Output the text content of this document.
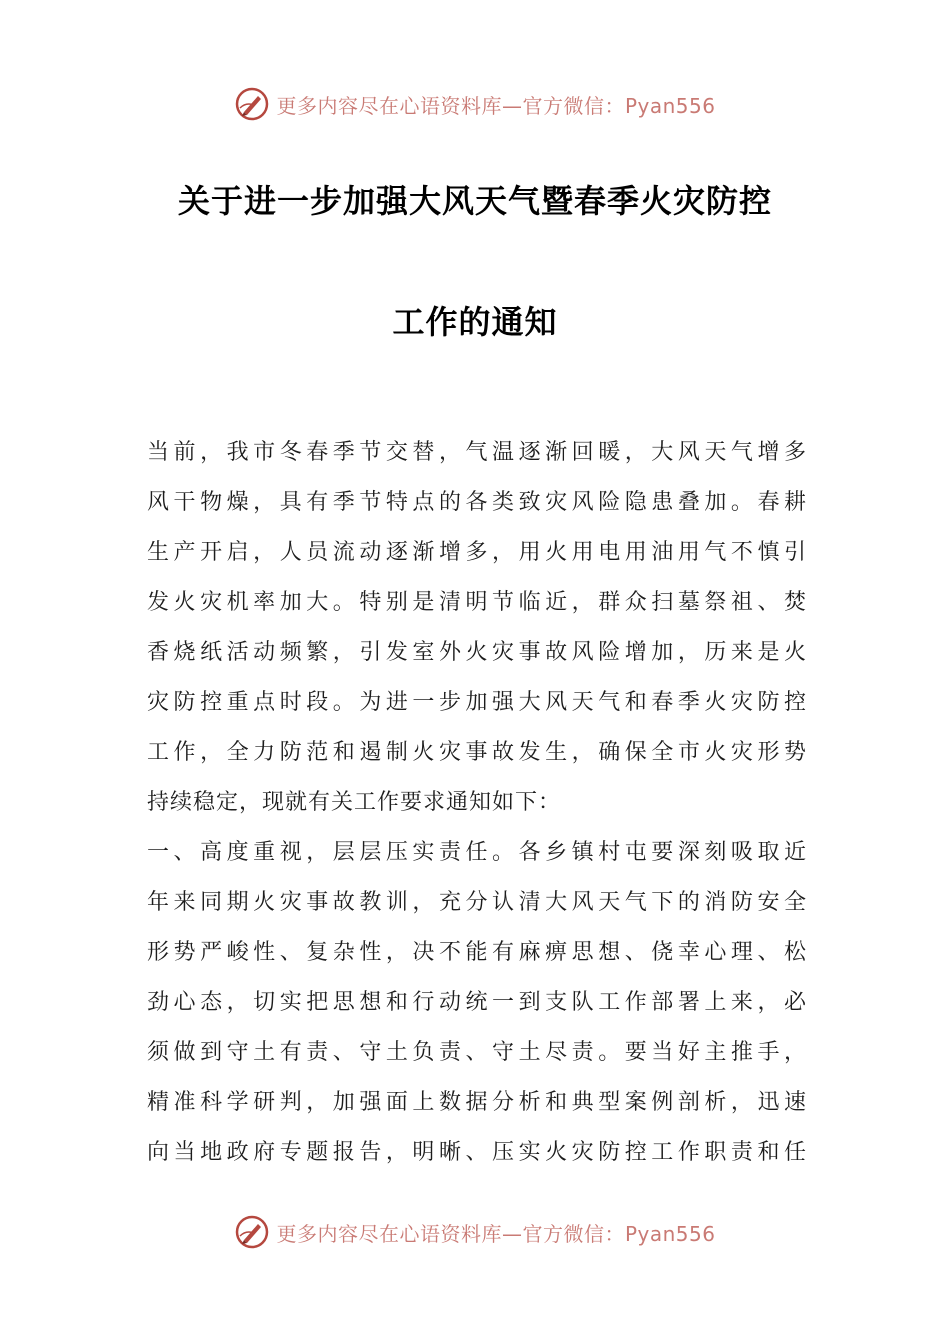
更多内容尽在心语资料库—官方微信：Pyan556
关于进一步加强大风天气暨春季火灾防控
工作的通知
当前，我市冬春季节交替，气温逐渐回暖，大风天气增多
风干物燥，具有季节特点的各类致灾风险隐患叠加。春耕
生产开启，人员流动逐渐增多，用火用电用油用气不慎引
发火灾机率加大。特别是清明节临近，群众扫墓祭祖、焚
香烧纸活动频繁，引发室外火灾事故风险增加，历来是火
灾防控重点时段。为进一步加强大风天气和春季火灾防控
工作，全力防范和遏制火灾事故发生，确保全市火灾形势
持续稳定，现就有关工作要求通知如下：
一、高度重视，层层压实责任。各乡镇村屯要深刻吸取近
年来同期火灾事故教训，充分认清大风天气下的消防安全
形势严峻性、复杂性，决不能有麻痹思想、侥幸心理、松
劲心态，切实把思想和行动统一到支队工作部署上来，必
须做到守土有责、守土负责、守土尽责。要当好主推手，
精准科学研判，加强面上数据分析和典型案例剖析，迅速
向当地政府专题报告，明晰、压实火灾防控工作职责和任
更多内容尽在心语资料库—官方微信：Pyan556
